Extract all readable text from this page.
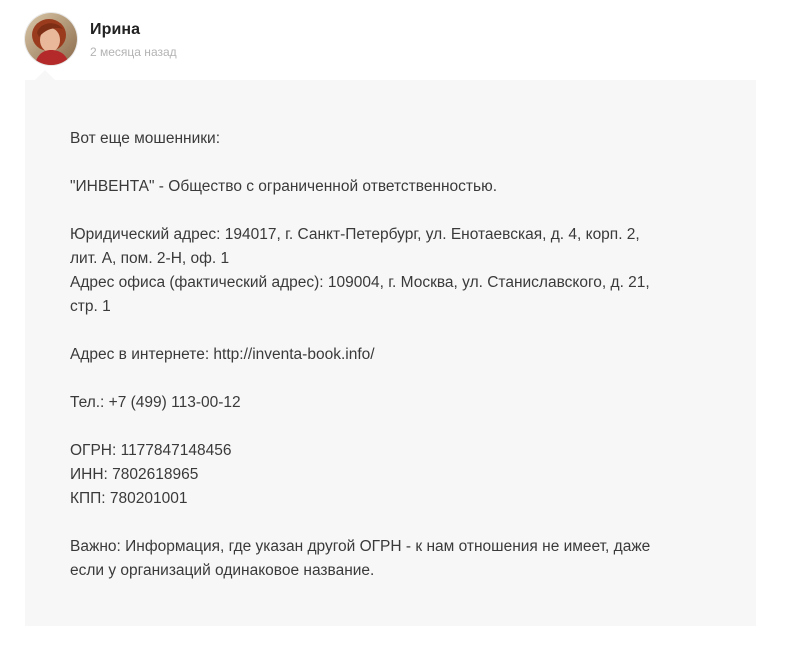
Ирина
2 месяца назад

Вот еще мошенники:

"ИНВЕНТА" - Общество с ограниченной ответственностью.

Юридический адрес: 194017, г. Санкт-Петербург, ул. Енотаевская, д. 4, корп. 2,
лит. А, пом. 2-Н, оф. 1
Адрес офиса (фактический адрес): 109004, г. Москва, ул. Станиславского, д. 21,
стр. 1

Адрес в интернете: http://inventa-book.info/

Тел.: +7 (499) 113-00-12

ОГРН: 1177847148456
ИНН: 7802618965
КПП: 780201001

Важно: Информация, где указан другой ОГРН - к нам отношения не имеет, даже
если у организаций одинаковое название.
